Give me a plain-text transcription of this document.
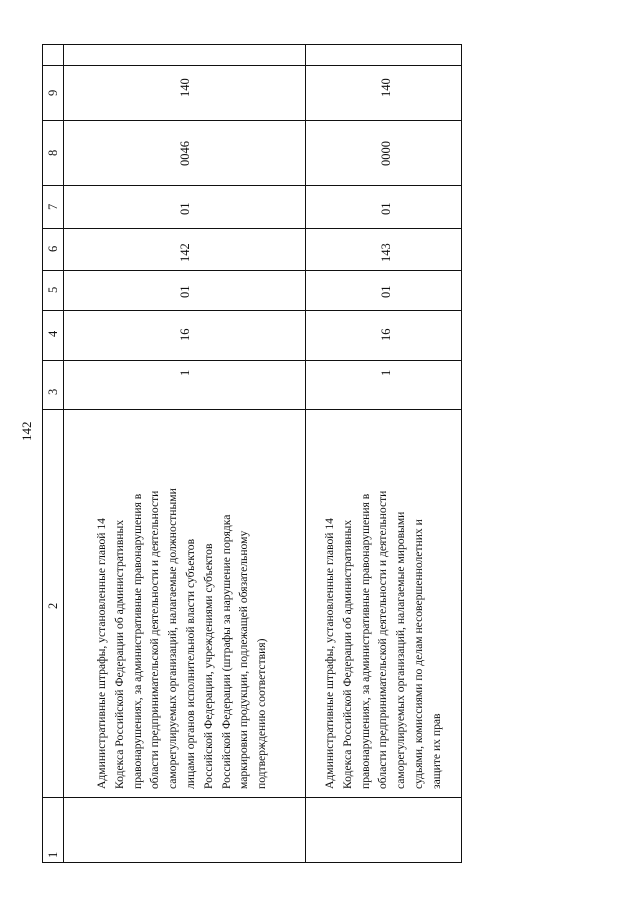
142
1
2
3
4
5
6
7
8
9
Административные штрафы, установленные главой 14 Кодекса Российской Федерации об административных правонарушениях, за административные правонарушения в области предпринимательской деятельности и деятельности саморегулируемых организаций, налагаемые должностными лицами органов исполнительной власти субъектов Российской Федерации, учреждениями субъектов Российской Федерации (штрафы за нарушение порядка маркировки продукции, подлежащей обязательному подтверждению соответствия)
1
16
01
142
01
0046
140
Административные штрафы, установленные главой 14 Кодекса Российской Федерации об административных правонарушениях, за административные правонарушения в области предпринимательской деятельности и деятельности саморегулируемых организаций, налагаемые мировыми судьями, комиссиями по делам несовершеннолетних и защите их прав
1
16
01
143
01
0000
140
